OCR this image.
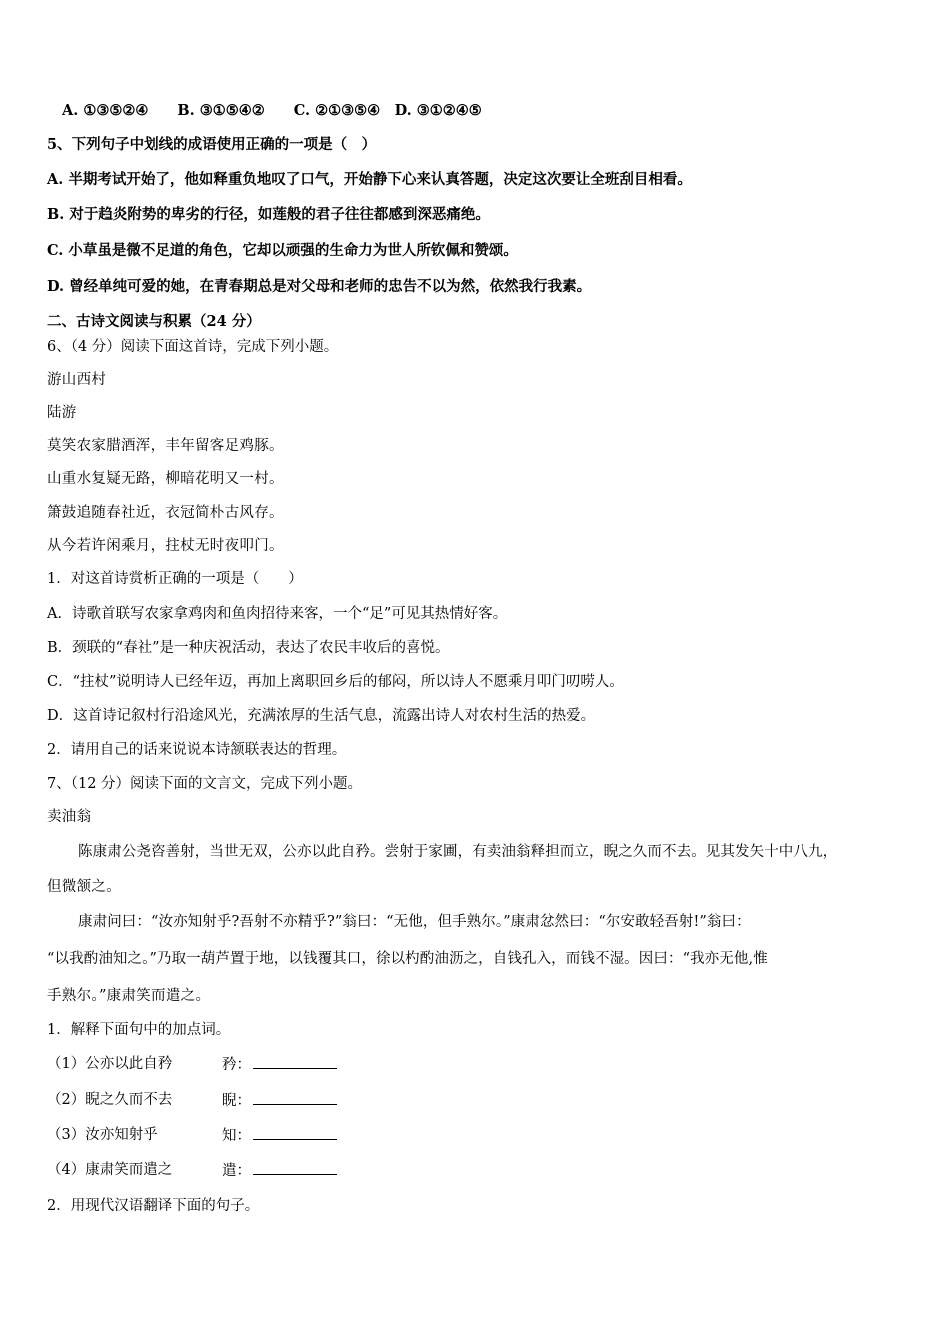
A. ①③⑤②④　　B. ③①⑤④②　　C. ②①③⑤④　D. ③①②④⑤
5、下列句子中划线的成语使用正确的一项是（　）
A. 半期考试开始了，他如释重负地叹了口气，开始静下心来认真答题，决定这次要让全班刮目相看。
B. 对于趋炎附势的卑劣的行径，如莲般的君子往往都感到深恶痛绝。
C. 小草虽是微不足道的角色，它却以顽强的生命力为世人所钦佩和赞颂。
D. 曾经单纯可爱的她，在青春期总是对父母和老师的忠告不以为然，依然我行我素。
二、古诗文阅读与积累（24 分）
6、（4 分）阅读下面这首诗，完成下列小题。
游山西村
陆游
莫笑农家腊酒浑，丰年留客足鸡豚。
山重水复疑无路，柳暗花明又一村。
箫鼓追随春社近，衣冠简朴古风存。
从今若许闲乘月，拄杖无时夜叩门。
1．对这首诗赏析正确的一项是（　　）
A．诗歌首联写农家拿鸡肉和鱼肉招待来客，一个“足”可见其热情好客。
B．颈联的“春社”是一种庆祝活动，表达了农民丰收后的喜悦。
C．“拄杖”说明诗人已经年迈，再加上离职回乡后的郁闷，所以诗人不愿乘月叩门叨唠人。
D．这首诗记叙村行沿途风光，充满浓厚的生活气息，流露出诗人对农村生活的热爱。
2．请用自己的话来说说本诗颔联表达的哲理。
7、（12 分）阅读下面的文言文，完成下列小题。
卖油翁
陈康肃公尧咨善射，当世无双，公亦以此自矜。尝射于家圃，有卖油翁释担而立，睨之久而不去。见其发矢十中八九，
但微颔之。
康肃问曰：“汝亦知射乎?吾射不亦精乎?”翁曰：“无他，但手熟尔。”康肃忿然曰：“尔安敢轻吾射!”翁曰：
“以我酌油知之。”乃取一葫芦置于地，以钱覆其口，徐以杓酌油沥之，自钱孔入，而钱不湿。因曰：“我亦无他,惟
手熟尔。”康肃笑而遣之。
1．解释下面句中的加点词。
（1）公亦以此自矜	矜：
（2）睨之久而不去	睨：
（3）汝亦知射乎	知：
（4）康肃笑而遣之	遣：
2．用现代汉语翻译下面的句子。
